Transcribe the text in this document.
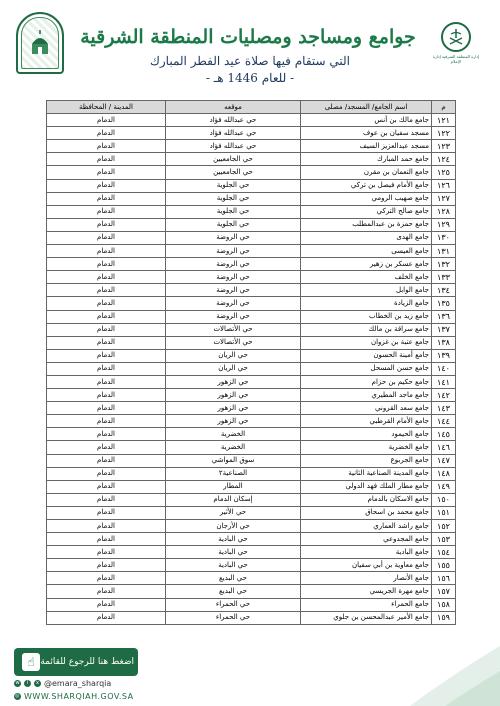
جوامع ومساجد ومصليات المنطقة الشرقية
التي ستقام فيها صلاة عيد الفطر المبارك
- للعام 1446 هـ -
إدارة المنطقة الشرقية إدارة الإعلام
م	اسم الجامع/ المسجد/ مصلى	موقعه	المدينة / المحافظة
١٢١	جامع مالك بن أنس	حي عبدالله فؤاد	الدمام
١٢٢	مسجد سفيان بن عوف	حي عبدالله فؤاد	الدمام
١٢٣	مسجد عبدالعزيز السيف	حي عبدالله فؤاد	الدمام
١٢٤	جامع حمد المبارك	حي الجامعيين	الدمام
١٢٥	جامع النعمان بن مقرن	حي الجامعيين	الدمام
١٢٦	جامع الأمام فيصل بن تركي	حي الجلوية	الدمام
١٢٧	جامع صهيب الرومي	حي الجلوية	الدمام
١٢٨	جامع صالح التركي	حي الجلوية	الدمام
١٢٩	جامع حمزة بن عبدالمطلب	حي الجلوية	الدمام
١٣٠	جامع الهدى	حي الروضة	الدمام
١٣١	جامع العيسى	حي الروضة	الدمام
١٣٢	جامع عسكر بن زهير	حي الروضة	الدمام
١٣٣	جامع الخلف	حي الروضة	الدمام
١٣٤	جامع الوابل	حي الروضة	الدمام
١٣٥	جامع الزيادة	حي الروضة	الدمام
١٣٦	جامع زيد بن الخطاب	حي الروضة	الدمام
١٣٧	جامع سراقة بن مالك	حي الأتصالات	الدمام
١٣٨	جامع عتبة بن غزوان	حي الأتصالات	الدمام
١٣٩	جامع أمينة الحسون	حي الريان	الدمام
١٤٠	جامع حسن المسحل	حي الريان	الدمام
١٤١	جامع حكيم بن حزام	حي الزهور	الدمام
١٤٢	جامع ماجد المطيري	حي الزهور	الدمام
١٤٣	جامع سعد القروني	حي الزهور	الدمام
١٤٤	جامع الأمام القرطبي	حي الزهور	الدمام
١٤٥	جامع الحيمود	الخضرية	الدمام
١٤٦	جامع الخضرية	الخضرية	الدمام
١٤٧	جامع الجربوع	سوق المواشي	الدمام
١٤٨	جامع المدينة الصناعية الثانية	الصناعية٢	الدمام
١٤٩	جامع مطار الملك فهد الدولي	المطار	الدمام
١٥٠	جامع الاسكان بالدمام	إسكان الدمام	الدمام
١٥١	جامع محمد بن اسحاق	حي الأثير	الدمام
١٥٢	جامع راشد العماري	حي الأرجان	الدمام
١٥٣	جامع المجدوعي	حي البادية	الدمام
١٥٤	جامع البادية	حي البادية	الدمام
١٥٥	جامع معاوية بن أبي سفيان	حي البادية	الدمام
١٥٦	جامع الأنصار	حي البديع	الدمام
١٥٧	جامع مهرة الجريسي	حي البديع	الدمام
١٥٨	جامع الحمراء	حي الحمراء	الدمام
١٥٩	جامع الأمير عبدالمحسن بن جلوي	حي الحمراء	الدمام
اضغط هنا للرجوع للقائمة
☝
w	i	x @emara_sharqia
◎ WWW.SHARQIAH.GOV.SA
